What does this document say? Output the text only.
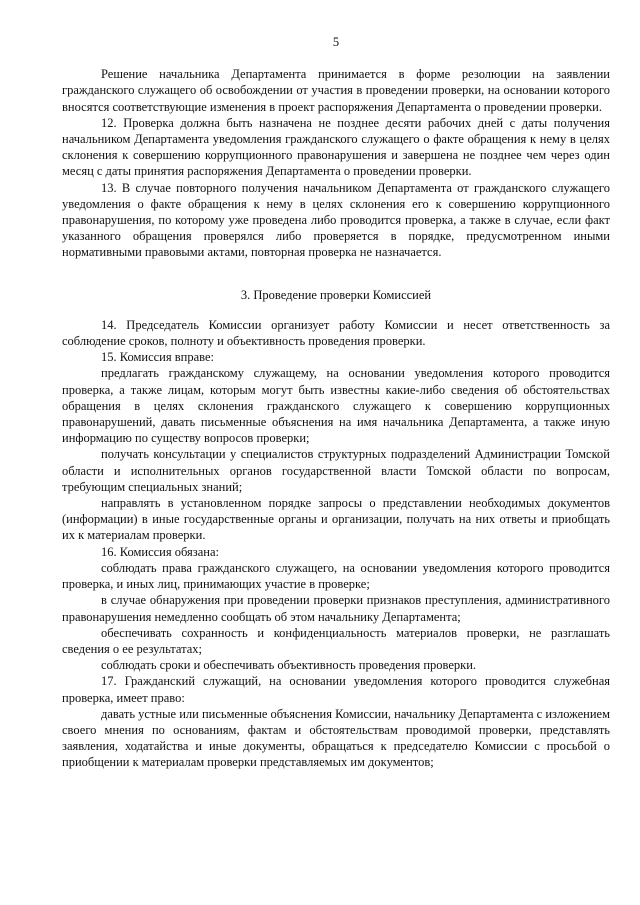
5

Решение начальника Департамента принимается в форме резолюции на заявлении гражданского служащего об освобождении от участия в проведении проверки, на основании которого вносятся соответствующие изменения в проект распоряжения Департамента о проведении проверки.

12. Проверка должна быть назначена не позднее десяти рабочих дней с даты получения начальником Департамента уведомления гражданского служащего о факте обращения к нему в целях склонения к совершению коррупционного правонарушения и завершена не позднее чем через один месяц с даты принятия распоряжения Департамента о проведении проверки.

13. В случае повторного получения начальником Департамента от гражданского служащего уведомления о факте обращения к нему в целях склонения его к совершению коррупционного правонарушения, по которому уже проведена либо проводится проверка, а также в случае, если факт указанного обращения проверялся либо проверяется в порядке, предусмотренном иными нормативными правовыми актами, повторная проверка не назначается.

3. Проведение проверки Комиссией

14. Председатель Комиссии организует работу Комиссии и несет ответственность за соблюдение сроков, полноту и объективность проведения проверки.

15. Комиссия вправе:

предлагать гражданскому служащему, на основании уведомления которого проводится проверка, а также лицам, которым могут быть известны какие-либо сведения об обстоятельствах обращения в целях склонения гражданского служащего к совершению коррупционных правонарушений, давать письменные объяснения на имя начальника Департамента, а также иную информацию по существу вопросов проверки;

получать консультации у специалистов структурных подразделений Администрации Томской области и исполнительных органов государственной власти Томской области по вопросам, требующим специальных знаний;

направлять в установленном порядке запросы о представлении необходимых документов (информации) в иные государственные органы и организации, получать на них ответы и приобщать их к материалам проверки.

16. Комиссия обязана:

соблюдать права гражданского служащего, на основании уведомления которого проводится проверка, и иных лиц, принимающих участие в проверке;

в случае обнаружения при проведении проверки признаков преступления, административного правонарушения немедленно сообщать об этом начальнику Департамента;

обеспечивать сохранность и конфиденциальность материалов проверки, не разглашать сведения о ее результатах;

соблюдать сроки и обеспечивать объективность проведения проверки.

17. Гражданский служащий, на основании уведомления которого проводится служебная проверка, имеет право:

давать устные или письменные объяснения Комиссии, начальнику Департамента с изложением своего мнения по основаниям, фактам и обстоятельствам проводимой проверки, представлять заявления, ходатайства и иные документы, обращаться к председателю Комиссии с просьбой о приобщении к материалам проверки представляемых им документов;
